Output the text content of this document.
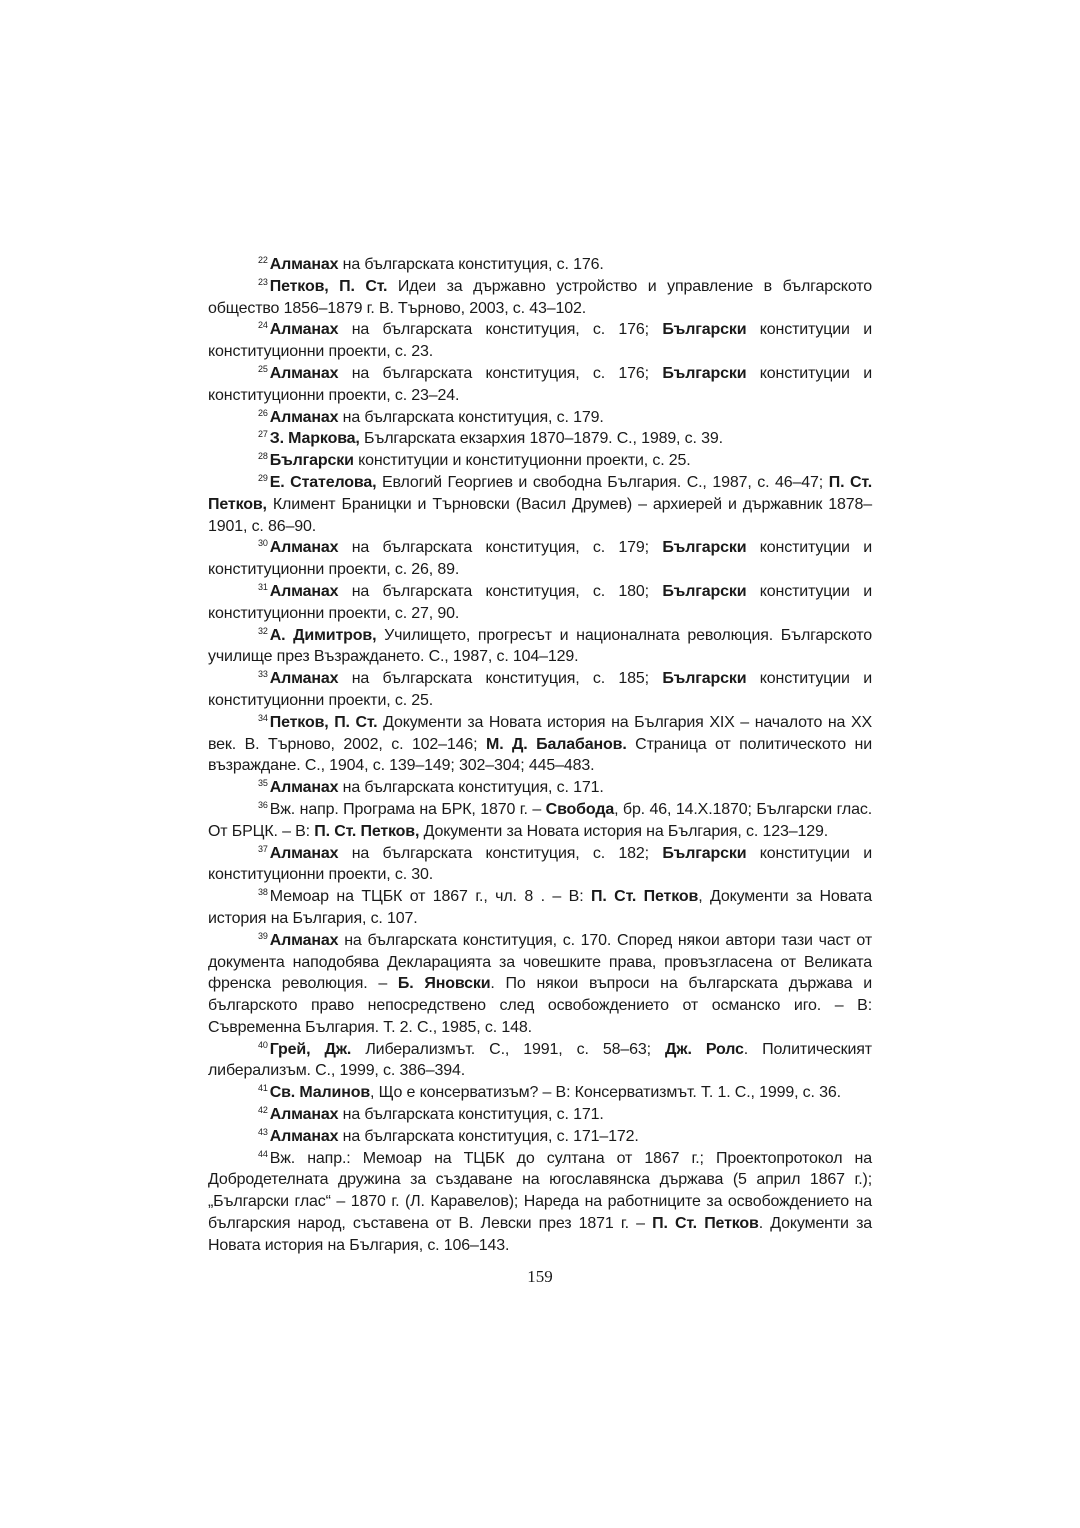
$^{22}$ Алманах на българската конституция, с. 176.

$^{23}$ Петков, П. Ст. Идеи за държавно устройство и управление в българското общество 1856–1879 г. В. Търново, 2003, с. 43–102.

$^{24}$ Алманах на българската конституция, с. 176; Български конституции и конституционни проекти, с. 23.

$^{25}$ Алманах на българската конституция, с. 176; Български конституции и конституционни проекти, с. 23–24.

$^{26}$ Алманах на българската конституция, с. 179.

$^{27}$ З. Маркова, Българската екзархия 1870–1879. С., 1989, с. 39.

$^{28}$ Български конституции и конституционни проекти, с. 25.

$^{29}$ Е. Стателова, Евлогий Георгиев и свободна България. С., 1987, с. 46–47; П. Ст. Петков, Климент Браницки и Търновски (Васил Друмев) – архиерей и държавник 1878–1901, с. 86–90.

$^{30}$ Алманах на българската конституция, с. 179; Български конституции и конституционни проекти, с. 26, 89.

$^{31}$ Алманах на българската конституция, с. 180; Български конституции и конституционни проекти, с. 27, 90.

$^{32}$ А. Димитров, Училището, прогресът и националната революция. Българското училище през Възраждането. С., 1987, с. 104–129.

$^{33}$ Алманах на българската конституция, с. 185; Български конституции и конституционни проекти, с. 25.

$^{34}$ Петков, П. Ст. Документи за Новата история на България ХIХ – началото на ХХ век. В. Търново, 2002, с. 102–146; М. Д. Балабанов. Страница от политическото ни възраждане. С., 1904, с. 139–149; 302–304; 445–483.

$^{35}$ Алманах на българската конституция, с. 171.

$^{36}$ Вж. напр. Програма на БРК, 1870 г. – Свобода, бр. 46, 14.Х.1870; Български глас. От БРЦК. – В: П. Ст. Петков, Документи за Новата история на България, с. 123–129.

$^{37}$ Алманах на българската конституция, с. 182; Български конституции и конституционни проекти, с. 30.

$^{38}$ Мемоар на ТЦБК от 1867 г., чл. 8 . – В: П. Ст. Петков, Документи за Новата история на България, с. 107.

$^{39}$ Алманах на българската конституция, с. 170. Според някои автори тази част от документа наподобява Декларацията за човешките права, провъзгласена от Великата френска революция. – Б. Яновски. По някои въпроси на българската държава и българското право непосредствено след освобождението от османско иго. – В: Съвременна България. Т. 2. С., 1985, с. 148.

$^{40}$ Грей, Дж. Либерализмът. С., 1991, с. 58–63; Дж. Ролс. Политическият либерализъм. С., 1999, с. 386–394.

$^{41}$ Св. Малинов, Що е консерватизъм? – В: Консерватизмът. Т. 1. С., 1999, с. 36.

$^{42}$ Алманах на българската конституция, с. 171.

$^{43}$ Алманах на българската конституция, с. 171–172.

$^{44}$ Вж. напр.: Мемоар на ТЦБК до султана от 1867 г.; Проектопротокол на Добродетелната дружина за създаване на югославянска държава (5 април 1867 г.); „Български глас“ – 1870 г. (Л. Каравелов); Нареда на работниците за освобождението на българския народ, съставена от В. Левски през 1871 г. – П. Ст. Петков. Документи за Новата история на България, с. 106–143.

159
